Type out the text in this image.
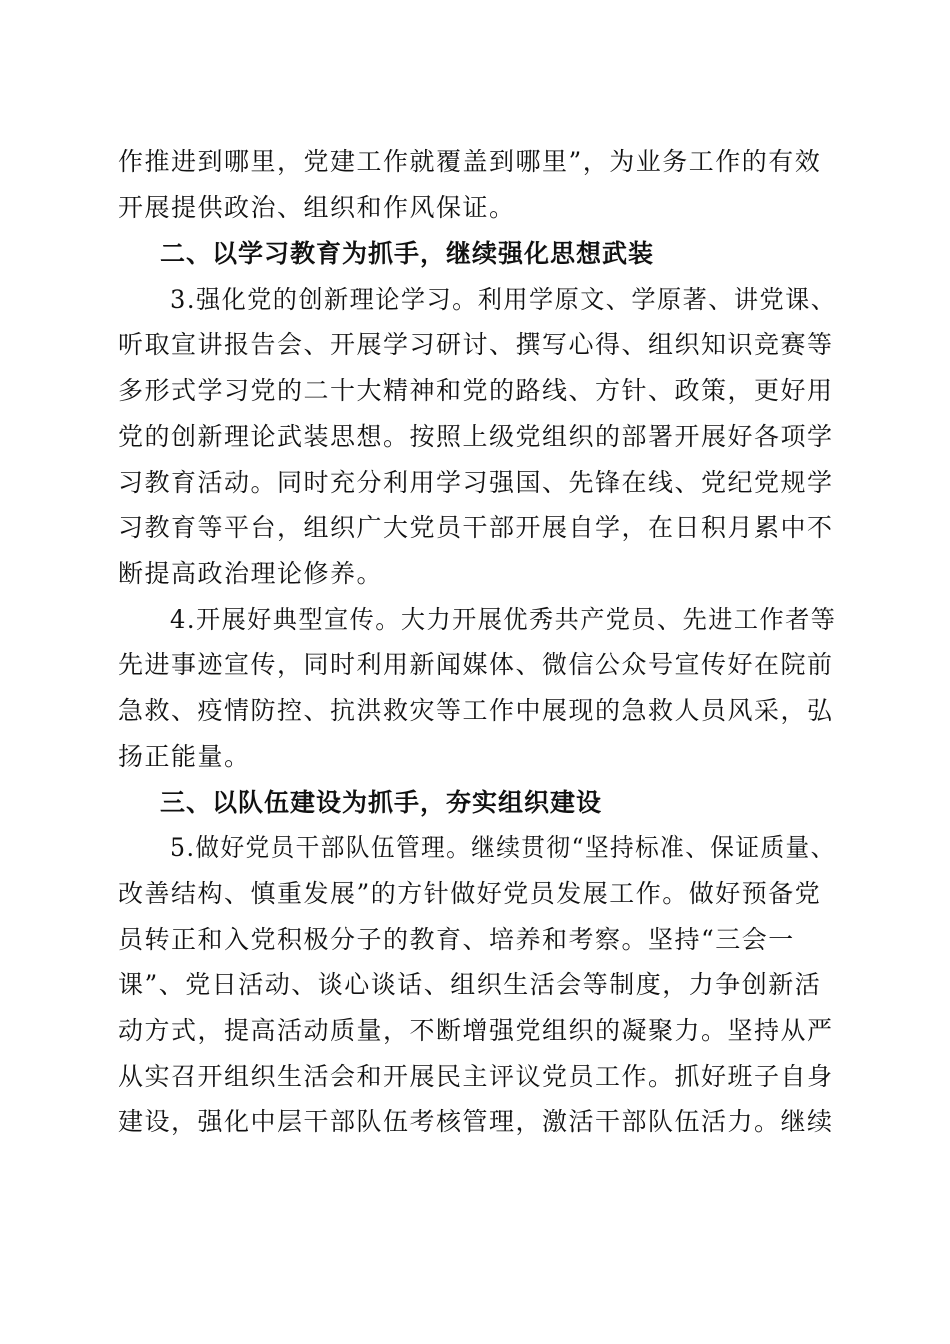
作推进到哪里，党建工作就覆盖到哪里”，为业务工作的有效
开展提供政治、组织和作风保证。
二、以学习教育为抓手，继续强化思想武装
3.强化党的创新理论学习。利用学原文、学原著、讲党课、
听取宣讲报告会、开展学习研讨、撰写心得、组织知识竞赛等
多形式学习党的二十大精神和党的路线、方针、政策，更好用
党的创新理论武装思想。按照上级党组织的部署开展好各项学
习教育活动。同时充分利用学习强国、先锋在线、党纪党规学
习教育等平台，组织广大党员干部开展自学，在日积月累中不
断提高政治理论修养。
4.开展好典型宣传。大力开展优秀共产党员、先进工作者等
先进事迹宣传，同时利用新闻媒体、微信公众号宣传好在院前
急救、疫情防控、抗洪救灾等工作中展现的急救人员风采，弘
扬正能量。
三、以队伍建设为抓手，夯实组织建设
5.做好党员干部队伍管理。继续贯彻“坚持标准、保证质量、
改善结构、慎重发展”的方针做好党员发展工作。做好预备党
员转正和入党积极分子的教育、培养和考察。坚持“三会一
课”、党日活动、谈心谈话、组织生活会等制度，力争创新活
动方式，提高活动质量，不断增强党组织的凝聚力。坚持从严
从实召开组织生活会和开展民主评议党员工作。抓好班子自身
建设，强化中层干部队伍考核管理，激活干部队伍活力。继续
